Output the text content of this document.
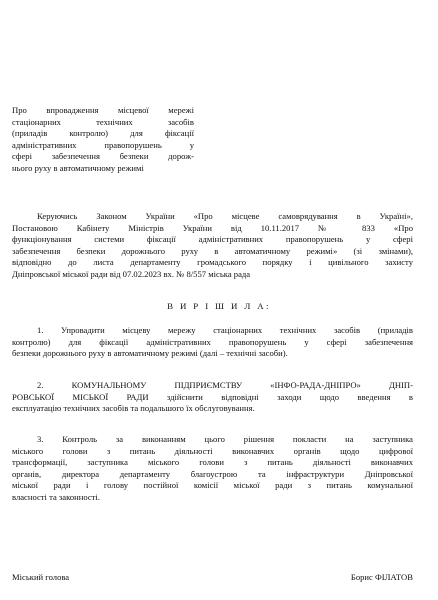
Про впровадження місцевої мережі
стаціонарних технічних засобів
(приладів контролю) для фіксації
адміністративних правопорушень у
сфері забезпечення безпеки дорож-
нього руху в автоматичному режимі
Керуючись Законом України «Про місцеве самоврядування в Україні»,
Постановою Кабінету Міністрів України від 10.11.2017 № 833 «Про
функціонування системи фіксації адміністративних правопорушень у сфері
забезпечення безпеки дорожнього руху в автоматичному режимі» (зі змінами),
відповідно до листа департаменту громадського порядку і цивільного захисту
Дніпровської міської ради від 07.02.2023 вх. № 8/557 міська рада
В И Р І Ш И Л А:
1. Упровадити місцеву мережу стаціонарних технічних засобів (приладів
контролю) для фіксації адміністративних правопорушень у сфері забезпечення
безпеки дорожнього руху в автоматичному режимі (далі – технічні засоби).
2. КОМУНАЛЬНОМУ ПІДПРИЄМСТВУ «ІНФО-РАДА-ДНІПРО» ДНІП-
РОВСЬКОЇ МІСЬКОЇ РАДИ здійснити відповідні заходи щодо введення в
експлуатацію технічних засобів та подальшого їх обслуговування.
3. Контроль за виконанням цього рішення покласти на заступника
міського голови з питань діяльності виконавчих органів щодо цифрової
трансформації, заступника міського голови з питань діяльності виконавчих
органів, директора департаменту благоустрою та інфраструктури Дніпровської
міської ради і голову постійної комісії міської ради з питань комунальної
власності та законності.
Міський голова	Борис ФІЛАТОВ
